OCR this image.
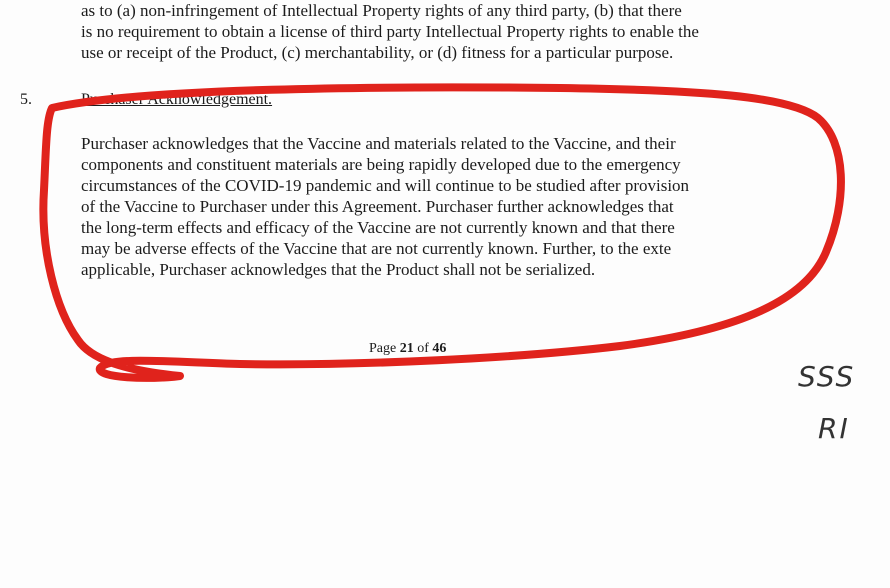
as to (a) non-infringement of Intellectual Property rights of any third party, (b) that there
is no requirement to obtain a license of third party Intellectual Property rights to enable the
use or receipt of the Product, (c) merchantability, or (d) fitness for a particular purpose.

5.	Purchaser Acknowledgement.

Purchaser acknowledges that the Vaccine and materials related to the Vaccine, and their
components and constituent materials are being rapidly developed due to the emergency
circumstances of the COVID-19 pandemic and will continue to be studied after provision
of the Vaccine to Purchaser under this Agreement. Purchaser further acknowledges that
the long-term effects and efficacy of the Vaccine are not currently known and that there
may be adverse effects of the Vaccine that are not currently known. Further, to the exte
applicable, Purchaser acknowledges that the Product shall not be serialized.

Page 21 of 46
SSS
RI
